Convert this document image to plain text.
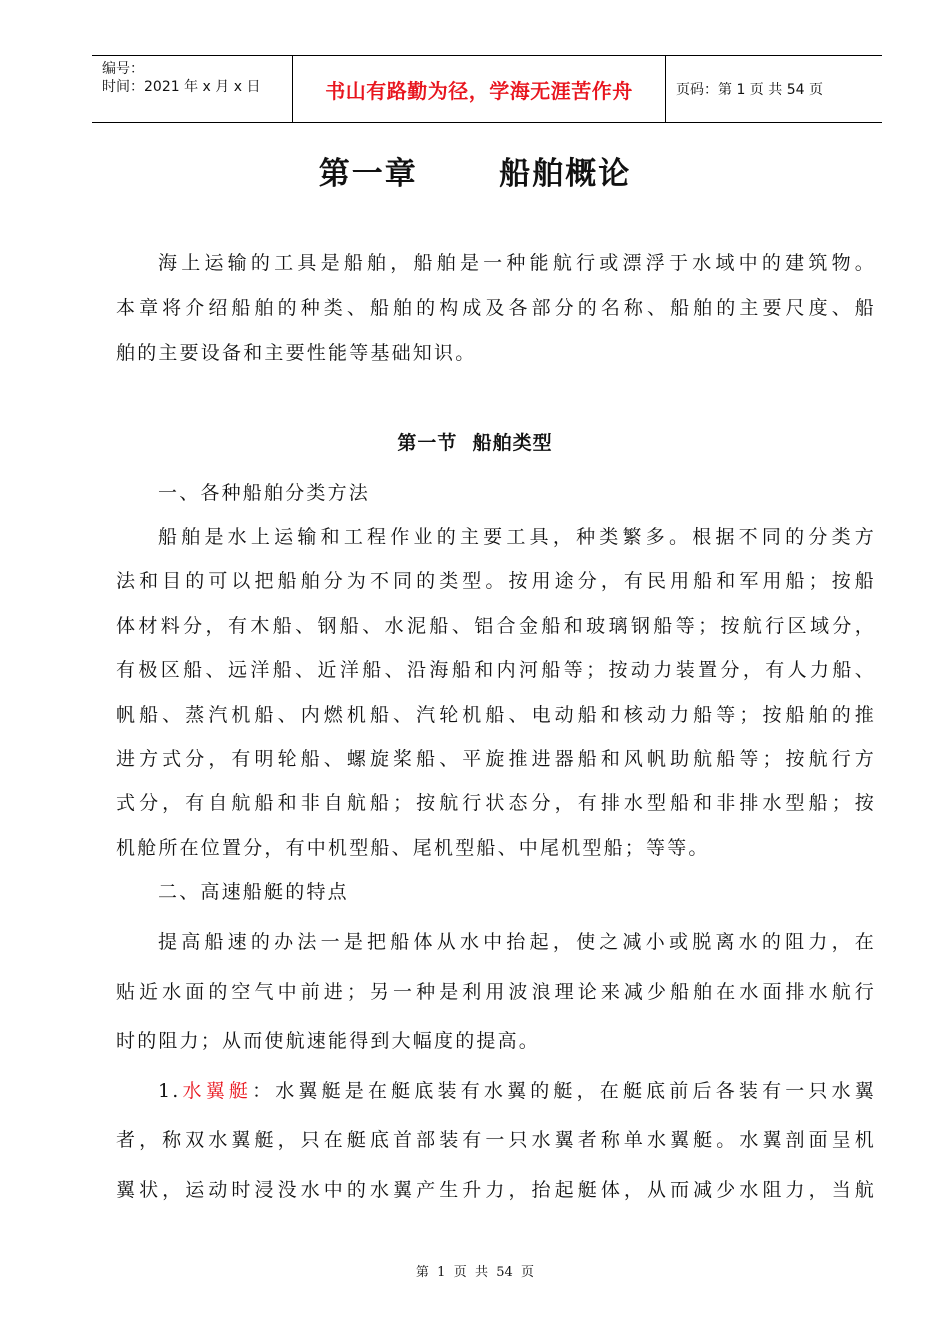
编号：
时间：2021 年 x 月 x 日	书山有路勤为径，学海无涯苦作舟	页码：第 1 页 共 54 页
第一章  船舶概论
海上运输的工具是船舶，船舶是一种能航行或漂浮于水域中的建筑物。
本章将介绍船舶的种类、船舶的构成及各部分的名称、船舶的主要尺度、船
舶的主要设备和主要性能等基础知识。
第一节  船舶类型
一、各种船舶分类方法
船舶是水上运输和工程作业的主要工具，种类繁多。根据不同的分类方
法和目的可以把船舶分为不同的类型。按用途分，有民用船和军用船；按船
体材料分，有木船、钢船、水泥船、铝合金船和玻璃钢船等；按航行区域分，
有极区船、远洋船、近洋船、沿海船和内河船等；按动力装置分，有人力船、
帆船、蒸汽机船、内燃机船、汽轮机船、电动船和核动力船等；按船舶的推
进方式分，有明轮船、螺旋桨船、平旋推进器船和风帆助航船等；按航行方
式分，有自航船和非自航船；按航行状态分，有排水型船和非排水型船；按
机舱所在位置分，有中机型船、尾机型船、中尾机型船；等等。
二、高速船艇的特点
提高船速的办法一是把船体从水中抬起，使之减小或脱离水的阻力，在
贴近水面的空气中前进；另一种是利用波浪理论来减少船舶在水面排水航行
时的阻力；从而使航速能得到大幅度的提高。
1.水翼艇：水翼艇是在艇底装有水翼的艇，在艇底前后各装有一只水翼
者，称双水翼艇，只在艇底首部装有一只水翼者称单水翼艇。水翼剖面呈机
翼状，运动时浸没水中的水翼产生升力，抬起艇体，从而减少水阻力，当航
第  1  页  共  54  页
